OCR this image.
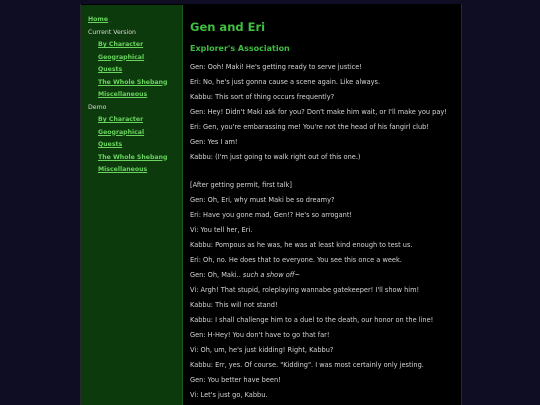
Home
Current Version
By Character
Geographical
Quests
The Whole Shebang
Miscellaneous
Demo
By Character
Geographical
Quests
The Whole Shebang
Miscellaneous
Gen and Eri
Explorer's Association

Gen: Ooh! Maki! He's getting ready to serve justice!

Eri: No, he's just gonna cause a scene again. Like always.

Kabbu: This sort of thing occurs frequently?

Gen: Hey! Didn't Maki ask for you? Don't make him wait, or I'll make you pay!

Eri: Gen, you're embarassing me! You're not the head of his fangirl club!

Gen: Yes I am!

Kabbu: (I'm just going to walk right out of this one.)

[After getting permit, first talk]

Gen: Oh, Eri, why must Maki be so dreamy?

Eri: Have you gone mad, Gen!? He's so arrogant!

Vi: You tell her, Eri.

Kabbu: Pompous as he was, he was at least kind enough to test us.

Eri: Oh, no. He does that to everyone. You see this once a week.

Gen: Oh, Maki.. such a show off~

Vi: Argh! That stupid, roleplaying wannabe gatekeeper! I'll show him!

Kabbu: This will not stand!

Kabbu: I shall challenge him to a duel to the death, our honor on the line!

Gen: H-Hey! You don't have to go that far!

Vi: Oh, um, he's just kidding! Right, Kabbu?

Kabbu: Err, yes. Of course. "Kidding". I was most certainly only jesting.

Gen: You better have been!

Vi: Let's just go, Kabbu.
